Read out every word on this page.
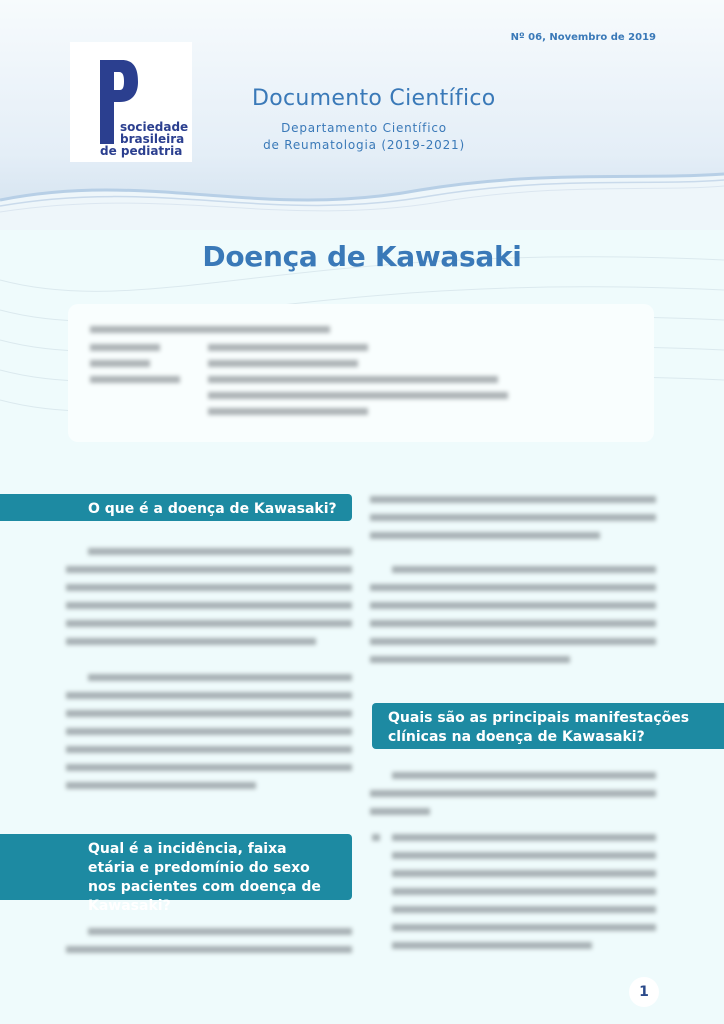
Nº 06, Novembro de 2019
sociedade
brasileira
de pediatria
Documento Científico
Departamento Científico
de Reumatologia (2019-2021)
Doença de Kawasaki
O que é a doença de Kawasaki?
Qual é a incidência, faixa etária e predomínio do sexo nos pacientes com doença de Kawasaki?
Quais são as principais manifestações clínicas na doença de Kawasaki?
1
